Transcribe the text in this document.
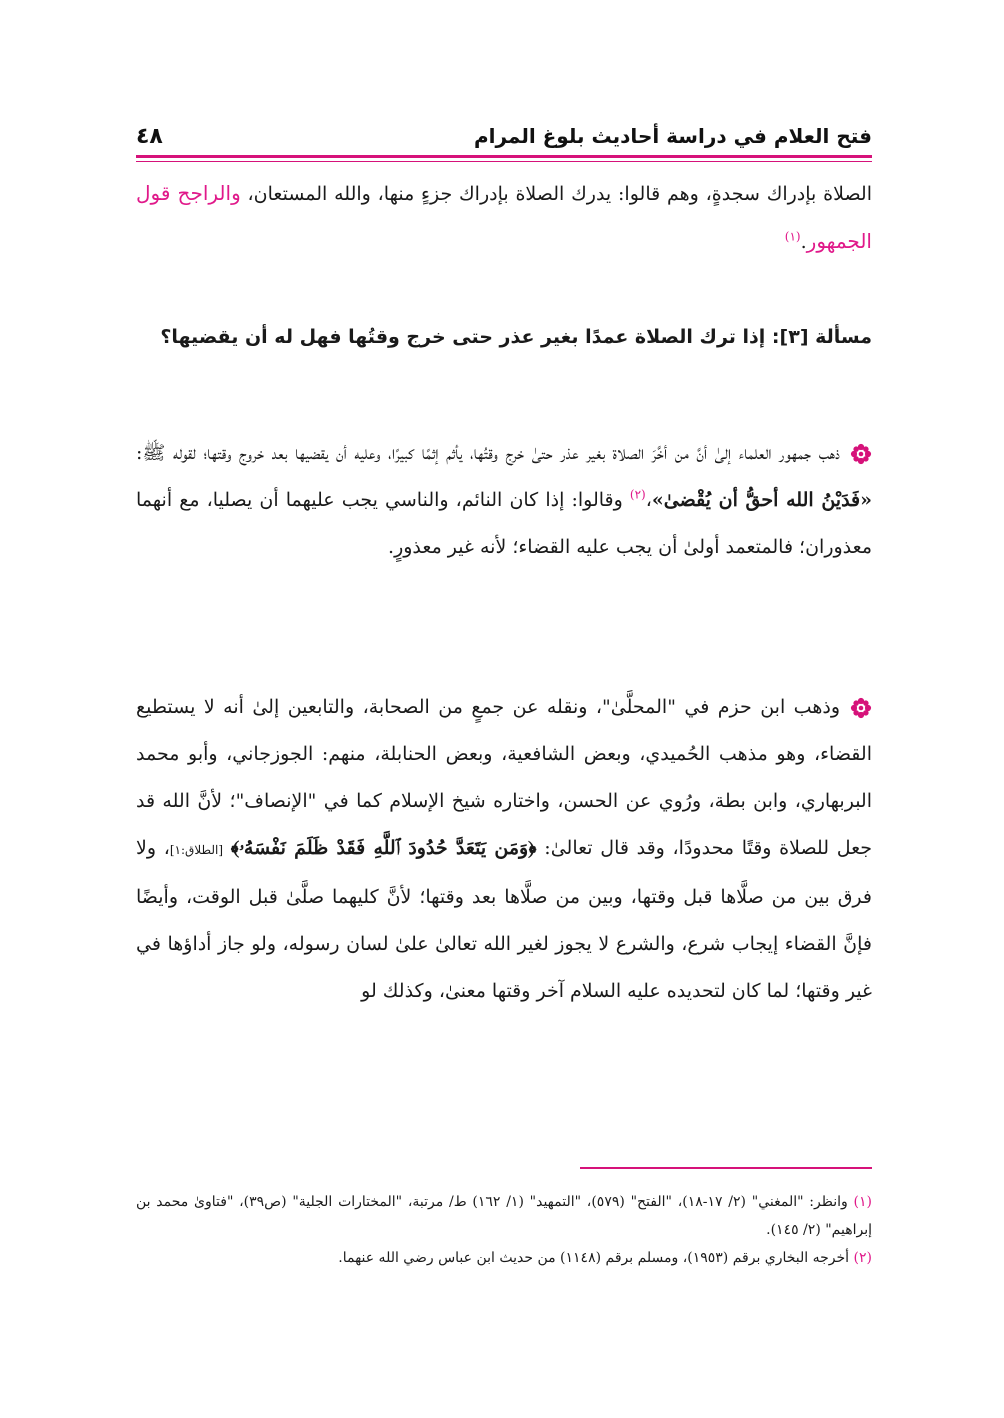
فتح العلام في دراسة أحاديث بلوغ المرام
٤٨
الصلاة بإدراك سجدةٍ، وهم قالوا: يدرك الصلاة بإدراك جزءٍ منها، والله المستعان، والراجح قول الجمهور.$^{(١)}$
مسألة [٣]: إذا ترك الصلاة عمدًا بغير عذر حتى خرج وقتُها فهل له أن يقضيها؟
ذهب جمهور العلماء إلىٰ أنَّ من أخَّرَ الصلاة بغير عذر حتىٰ خرج وقتُها، يأثم إثمًا كبيرًا، وعليه أن يقضيها بعد خروج وقتها؛ لقوله ﷺ: «فَدَيْنُ الله أحقُّ أن يُقْضىٰ»،$^{(٢)}$ وقالوا: إذا كان النائم، والناسي يجب عليهما أن يصليا، مع أنهما معذوران؛ فالمتعمد أولىٰ أن يجب عليه القضاء؛ لأنه غير معذورٍ.
وذهب ابن حزم في "المحلَّىٰ"، ونقله عن جمعٍ من الصحابة، والتابعين إلىٰ أنه لا يستطيع القضاء، وهو مذهب الحُميدي، وبعض الشافعية، وبعض الحنابلة، منهم: الجوزجاني، وأبو محمد البربهاري، وابن بطة، ورُوي عن الحسن، واختاره شيخ الإسلام كما في "الإنصاف"؛ لأنَّ الله قد جعل للصلاة وقتًا محدودًا، وقد قال تعالىٰ: ﴿وَمَن يَتَعَدَّ حُدُودَ ٱللَّهِ فَقَدْ ظَلَمَ نَفْسَهُۥ﴾ [الطلاق:١]، ولا فرق بين من صلَّاها قبل وقتها، وبين من صلَّاها بعد وقتها؛ لأنَّ كليهما صلَّىٰ قبل الوقت، وأيضًا فإنَّ القضاء إيجاب شرع، والشرع لا يجوز لغير الله تعالىٰ علىٰ لسان رسوله، ولو جاز أداؤها في غير وقتها؛ لما كان لتحديده عليه السلام آخر وقتها معنىٰ، وكذلك لو

(١) وانظر: "المغني" (٢/ ١٧-١٨)، "الفتح" (٥٧٩)، "التمهيد" (١/ ١٦٢) ط/ مرتبة، "المختارات الجلية" (ص٣٩)، "فتاوىٰ محمد بن إبراهيم" (٢/ ١٤٥).

(٢) أخرجه البخاري برقم (١٩٥٣)، ومسلم برقم (١١٤٨) من حديث ابن عباس رضي الله عنهما.
